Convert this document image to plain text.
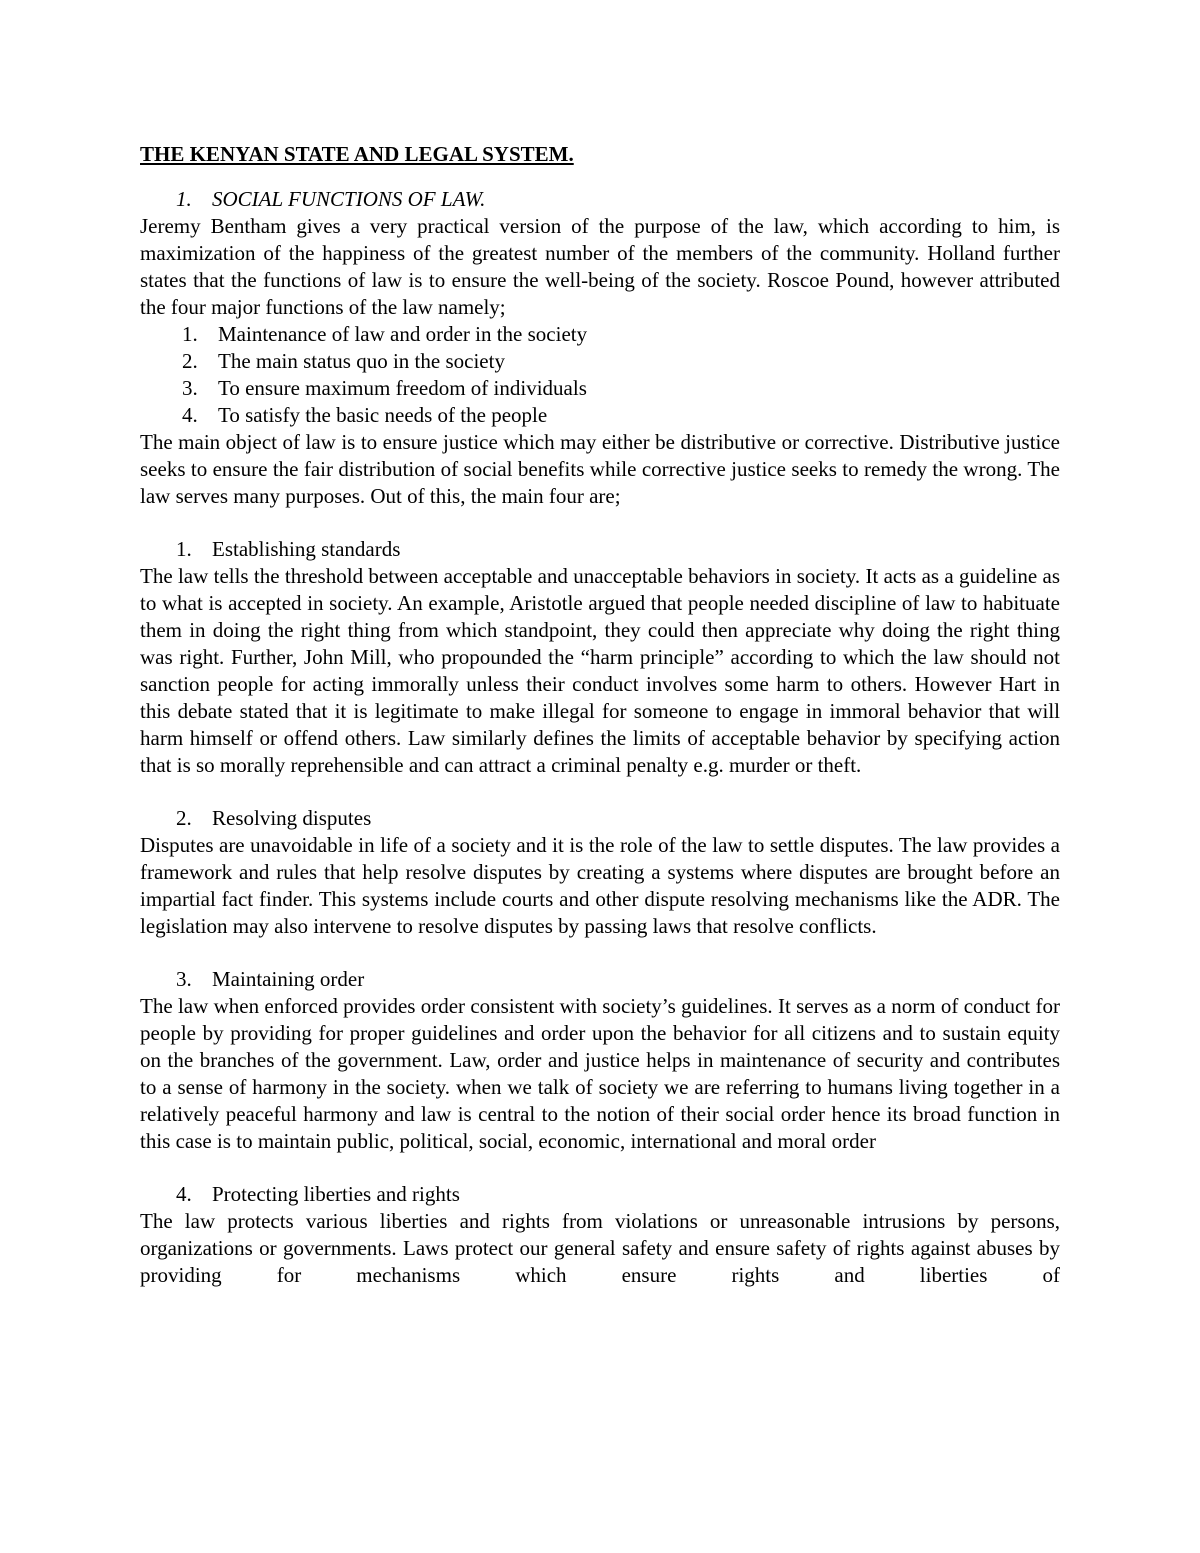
THE KENYAN STATE AND LEGAL SYSTEM.
1. SOCIAL FUNCTIONS OF LAW.

Jeremy Bentham gives a very practical version of the purpose of the law, which according to him, is maximization of the happiness of the greatest number of the members of the community. Holland further states that the functions of law is to ensure the well-being of the society. Roscoe Pound, however attributed the four major functions of the law namely;

1. Maintenance of law and order in the society
2. The main status quo in the society
3. To ensure maximum freedom of individuals
4. To satisfy the basic needs of the people

The main object of law is to ensure justice which may either be distributive or corrective. Distributive justice seeks to ensure the fair distribution of social benefits while corrective justice seeks to remedy the wrong. The law serves many purposes. Out of this, the main four are;

1. Establishing standards

The law tells the threshold between acceptable and unacceptable behaviors in society. It acts as a guideline as to what is accepted in society. An example, Aristotle argued that people needed discipline of law to habituate them in doing the right thing from which standpoint, they could then appreciate why doing the right thing was right. Further, John Mill, who propounded the “harm principle” according to which the law should not sanction people for acting immorally unless their conduct involves some harm to others. However Hart in this debate stated that it is legitimate to make illegal for someone to engage in immoral behavior that will harm himself or offend others. Law similarly defines the limits of acceptable behavior by specifying action that is so morally reprehensible and can attract a criminal penalty e.g. murder or theft.

2. Resolving disputes

Disputes are unavoidable in life of a society and it is the role of the law to settle disputes. The law provides a framework and rules that help resolve disputes by creating a systems where disputes are brought before an impartial fact finder. This systems include courts and other dispute resolving mechanisms like the ADR. The legislation may also intervene to resolve disputes by passing laws that resolve conflicts.

3. Maintaining order

The law when enforced provides order consistent with society’s guidelines. It serves as a norm of conduct for people by providing for proper guidelines and order upon the behavior for all citizens and to sustain equity on the branches of the government. Law, order and justice helps in maintenance of security and contributes to a sense of harmony in the society. when we talk of society we are referring to humans living together in a relatively peaceful harmony and law is central to the notion of their social order hence its broad function in this case is to maintain public, political, social, economic, international and moral order

4. Protecting liberties and rights

The law protects various liberties and rights from violations or unreasonable intrusions by persons, organizations or governments. Laws protect our general safety and ensure safety of rights against abuses by providing for mechanisms which ensure rights and liberties of
